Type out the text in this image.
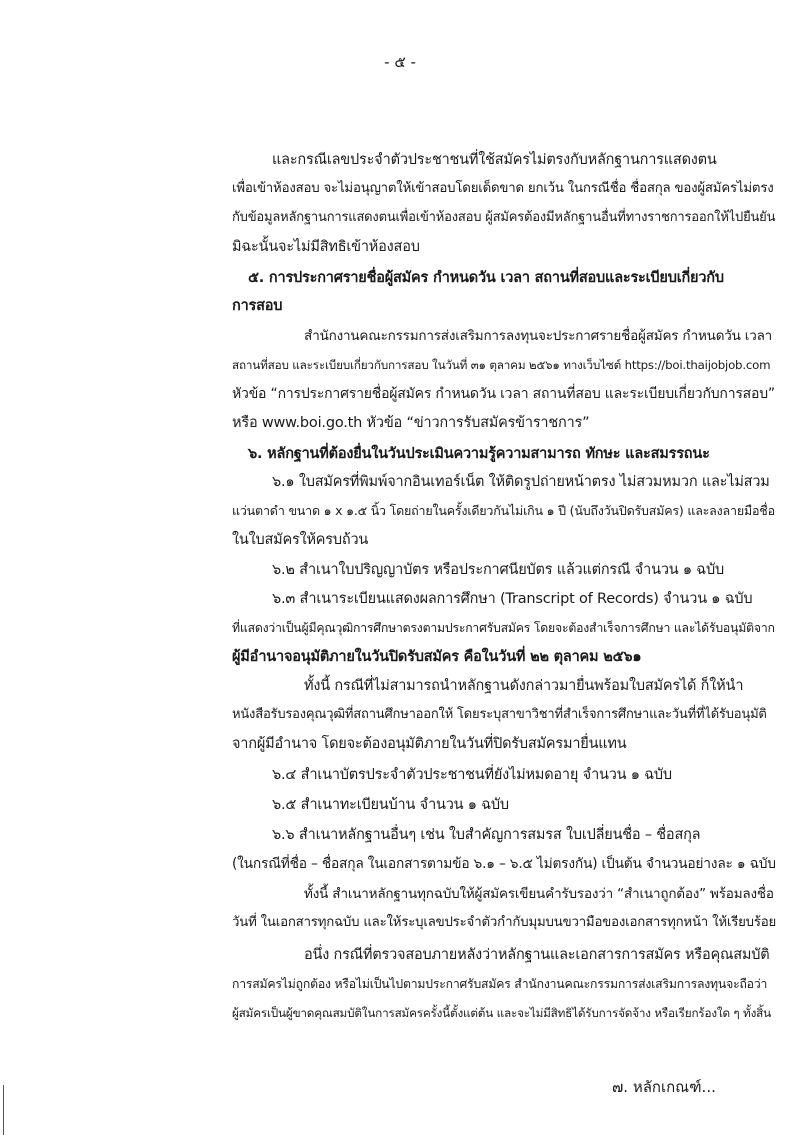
- ๕ -
และกรณีเลขประจำตัวประชาชนที่ใช้สมัครไม่ตรงกับหลักฐานการแสดงตน
เพื่อเข้าห้องสอบ จะไม่อนุญาตให้เข้าสอบโดยเด็ดขาด ยกเว้น ในกรณีชื่อ ชื่อสกุล ของผู้สมัครไม่ตรง
กับข้อมูลหลักฐานการแสดงตนเพื่อเข้าห้องสอบ ผู้สมัครต้องมีหลักฐานอื่นที่ทางราชการออกให้ไปยืนยัน
มิฉะนั้นจะไม่มีสิทธิเข้าห้องสอบ
๕. การประกาศรายชื่อผู้สมัคร กำหนดวัน เวลา สถานที่สอบและระเบียบเกี่ยวกับ
การสอบ
สำนักงานคณะกรรมการส่งเสริมการลงทุนจะประกาศรายชื่อผู้สมัคร กำหนดวัน เวลา
สถานที่สอบ และระเบียบเกี่ยวกับการสอบ ในวันที่ ๓๑ ตุลาคม ๒๕๖๑ ทางเว็บไซต์ https://boi.thaijobjob.com
หัวข้อ “การประกาศรายชื่อผู้สมัคร กำหนดวัน เวลา สถานที่สอบ และระเบียบเกี่ยวกับการสอบ”
หรือ www.boi.go.th หัวข้อ “ข่าวการรับสมัครข้าราชการ”
๖. หลักฐานที่ต้องยื่นในวันประเมินความรู้ความสามารถ ทักษะ และสมรรถนะ
๖.๑ ใบสมัครที่พิมพ์จากอินเทอร์เน็ต ให้ติดรูปถ่ายหน้าตรง ไม่สวมหมวก และไม่สวม
แว่นตาดำ ขนาด ๑ x ๑.๕ นิ้ว โดยถ่ายในครั้งเดียวกันไม่เกิน ๑ ปี (นับถึงวันปิดรับสมัคร) และลงลายมือชื่อ
ในใบสมัครให้ครบถ้วน
๖.๒ สำเนาใบปริญญาบัตร หรือประกาศนียบัตร แล้วแต่กรณี จำนวน ๑ ฉบับ
๖.๓ สำเนาระเบียนแสดงผลการศึกษา (Transcript of Records) จำนวน ๑ ฉบับ
ที่แสดงว่าเป็นผู้มีคุณวุฒิการศึกษาตรงตามประกาศรับสมัคร โดยจะต้องสำเร็จการศึกษา และได้รับอนุมัติจาก
ผู้มีอำนาจอนุมัติภายในวันปิดรับสมัคร คือในวันที่ ๒๒ ตุลาคม ๒๕๖๑
ทั้งนี้ กรณีที่ไม่สามารถนำหลักฐานดังกล่าวมายื่นพร้อมใบสมัครได้ ก็ให้นำ
หนังสือรับรองคุณวุฒิที่สถานศึกษาออกให้ โดยระบุสาขาวิชาที่สำเร็จการศึกษาและวันที่ที่ได้รับอนุมัติ
จากผู้มีอำนาจ โดยจะต้องอนุมัติภายในวันที่ปิดรับสมัครมายื่นแทน
๖.๔ สำเนาบัตรประจำตัวประชาชนที่ยังไม่หมดอายุ จำนวน ๑ ฉบับ
๖.๕ สำเนาทะเบียนบ้าน จำนวน ๑ ฉบับ
๖.๖ สำเนาหลักฐานอื่นๆ เช่น ใบสำคัญการสมรส ใบเปลี่ยนชื่อ – ชื่อสกุล
(ในกรณีที่ชื่อ – ชื่อสกุล ในเอกสารตามข้อ ๖.๑ – ๖.๕ ไม่ตรงกัน) เป็นต้น จำนวนอย่างละ ๑ ฉบับ
ทั้งนี้ สำเนาหลักฐานทุกฉบับให้ผู้สมัครเขียนคำรับรองว่า “สำเนาถูกต้อง” พร้อมลงชื่อ
วันที่ ในเอกสารทุกฉบับ และให้ระบุเลขประจำตัวกำกับมุมบนขวามือของเอกสารทุกหน้า ให้เรียบร้อย
อนึ่ง กรณีที่ตรวจสอบภายหลังว่าหลักฐานและเอกสารการสมัคร หรือคุณสมบัติ
การสมัครไม่ถูกต้อง หรือไม่เป็นไปตามประกาศรับสมัคร สำนักงานคณะกรรมการส่งเสริมการลงทุนจะถือว่า
ผู้สมัครเป็นผู้ขาดคุณสมบัติในการสมัครครั้งนี้ตั้งแต่ต้น และจะไม่มีสิทธิได้รับการจัดจ้าง หรือเรียกร้องใด ๆ ทั้งสิ้น
๗. หลักเกณฑ์...
